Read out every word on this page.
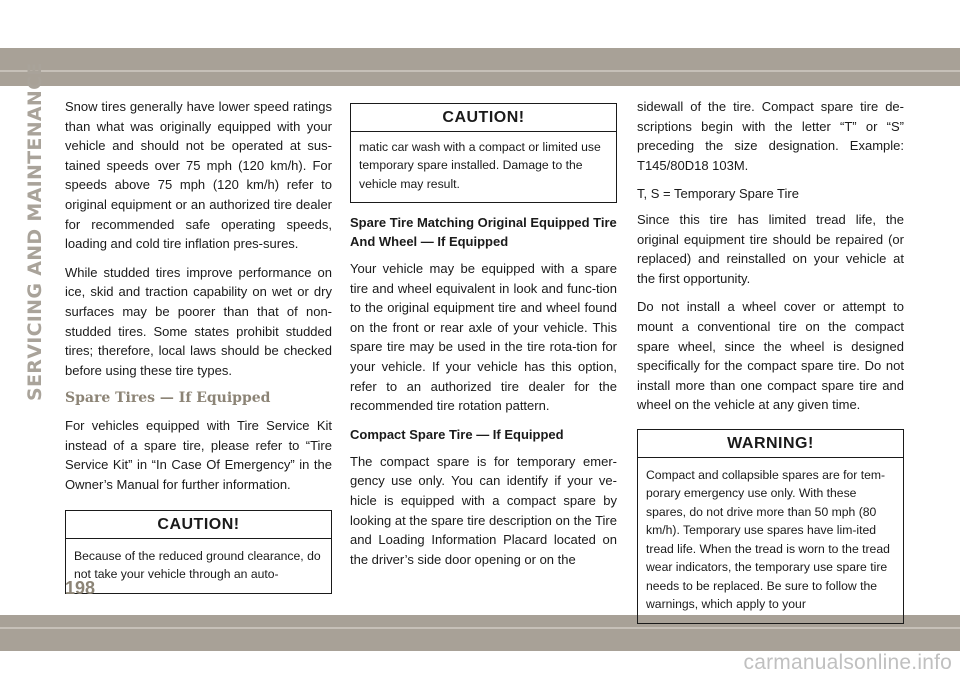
SERVICING AND MAINTENANCE Snow tires generally have lower speed ratings than what was originally equipped with your vehicle and should not be operated at sus-tained speeds over 75 mph (120 km/h). For speeds above 75 mph (120 km/h) refer to original equipment or an authorized tire dealer for recommended safe operating speeds, loading and cold tire inflation pres-sures.

While studded tires improve performance on ice, skid and traction capability on wet or dry surfaces may be poorer than that of non-studded tires. Some states prohibit studded tires; therefore, local laws should be checked before using these tire types.

Spare Tires — If Equipped

For vehicles equipped with Tire Service Kit instead of a spare tire, please refer to “Tire Service Kit” in “In Case Of Emergency” in the Owner’s Manual for further information.

CAUTION!
Because of the reduced ground clearance, do not take your vehicle through an auto-
CAUTION!
matic car wash with a compact or limited use temporary spare installed. Damage to the vehicle may result.
Spare Tire Matching Original Equipped Tire And Wheel — If Equipped

Your vehicle may be equipped with a spare tire and wheel equivalent in look and func-tion to the original equipment tire and wheel found on the front or rear axle of your vehicle. This spare tire may be used in the tire rota-tion for your vehicle. If your vehicle has this option, refer to an authorized tire dealer for the recommended tire rotation pattern.

Compact Spare Tire — If Equipped

The compact spare is for temporary emer-gency use only. You can identify if your ve-hicle is equipped with a compact spare by looking at the spare tire description on the Tire and Loading Information Placard located on the driver’s side door opening or on the

sidewall of the tire. Compact spare tire de-scriptions begin with the letter “T” or “S” preceding the size designation. Example: T145/80D18 103M.

T, S = Temporary Spare Tire

Since this tire has limited tread life, the original equipment tire should be repaired (or replaced) and reinstalled on your vehicle at the first opportunity.

Do not install a wheel cover or attempt to mount a conventional tire on the compact spare wheel, since the wheel is designed specifically for the compact spare tire. Do not install more than one compact spare tire and wheel on the vehicle at any given time.

WARNING!
Compact and collapsible spares are for tem-porary emergency use only. With these spares, do not drive more than 50 mph (80 km/h). Temporary use spares have lim-ited tread life. When the tread is worn to the tread wear indicators, the temporary use spare tire needs to be replaced. Be sure to follow the warnings, which apply to your
198
carmanualsonline.info
